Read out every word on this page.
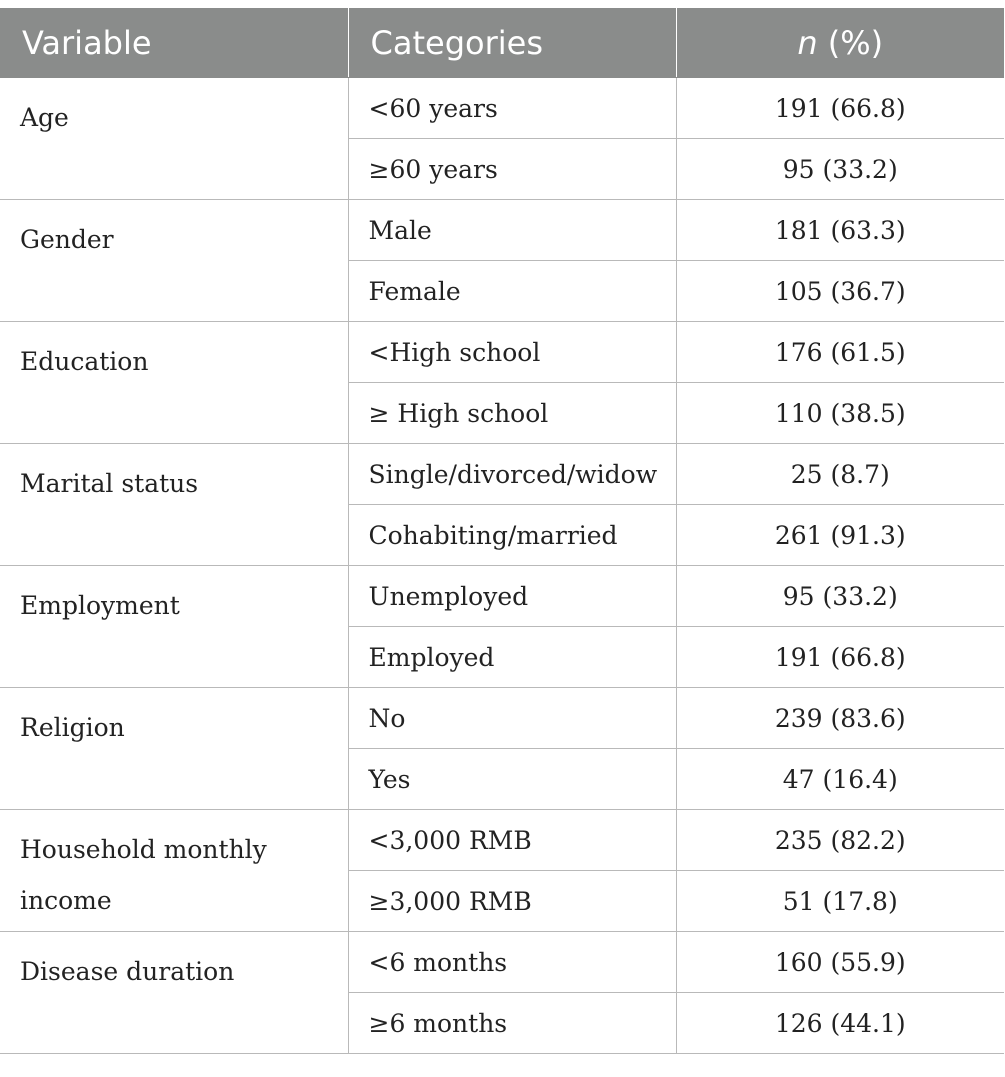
Variable	Categories	n (%)
Age	<60 years	191 (66.8)
	≥60 years	95 (33.2)
Gender	Male	181 (63.3)
	Female	105 (36.7)
Education	<High school	176 (61.5)
	≥ High school	110 (38.5)
Marital status	Single/divorced/widow	25 (8.7)
	Cohabiting/married	261 (91.3)
Employment	Unemployed	95 (33.2)
	Employed	191 (66.8)
Religion	No	239 (83.6)
	Yes	47 (16.4)
Household monthly income	<3,000 RMB	235 (82.2)
	≥3,000 RMB	51 (17.8)
Disease duration	<6 months	160 (55.9)
	≥6 months	126 (44.1)
